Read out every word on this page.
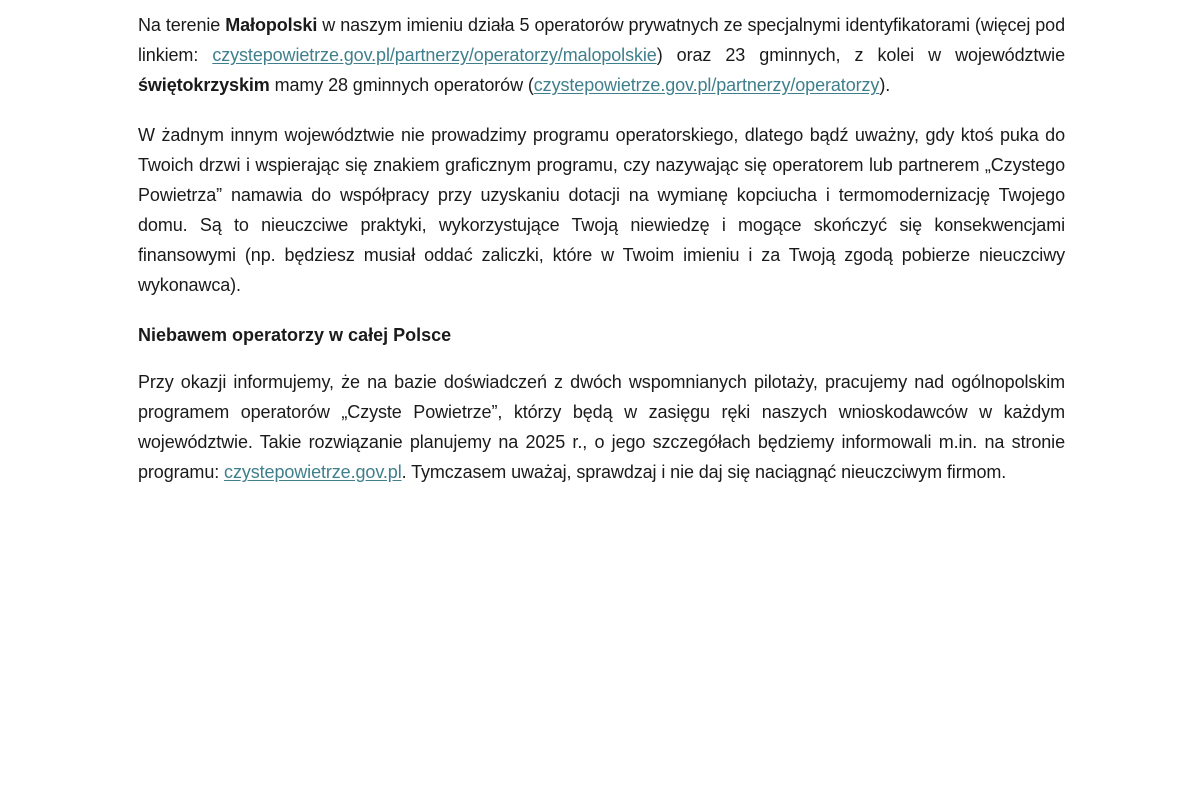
Na terenie Małopolski w naszym imieniu działa 5 operatorów prywatnych ze specjalnymi identyfikatorami (więcej pod linkiem: czystepowietrze.gov.pl/partnerzy/operatorzy/malopolskie) oraz 23 gminnych, z kolei w województwie świętokrzyskim mamy 28 gminnych operatorów (czystepowietrze.gov.pl/partnerzy/operatorzy).

W żadnym innym województwie nie prowadzimy programu operatorskiego, dlatego bądź uważny, gdy ktoś puka do Twoich drzwi i wspierając się znakiem graficznym programu, czy nazywając się operatorem lub partnerem „Czystego Powietrza” namawia do współpracy przy uzyskaniu dotacji na wymianę kopciucha i termomodernizację Twojego domu. Są to nieuczciwe praktyki, wykorzystujące Twoją niewiedzę i mogące skończyć się konsekwencjami finansowymi (np. będziesz musiał oddać zaliczki, które w Twoim imieniu i za Twoją zgodą pobierze nieuczciwy wykonawca).

Niebawem operatorzy w całej Polsce

Przy okazji informujemy, że na bazie doświadczeń z dwóch wspomnianych pilotaży, pracujemy nad ogólnopolskim programem operatorów „Czyste Powietrze”, którzy będą w zasięgu ręki naszych wnioskodawców w każdym województwie. Takie rozwiązanie planujemy na 2025 r., o jego szczegółach będziemy informowali m.in. na stronie programu: czystepowietrze.gov.pl. Tymczasem uważaj, sprawdzaj i nie daj się naciągnąć nieuczciwym firmom.
